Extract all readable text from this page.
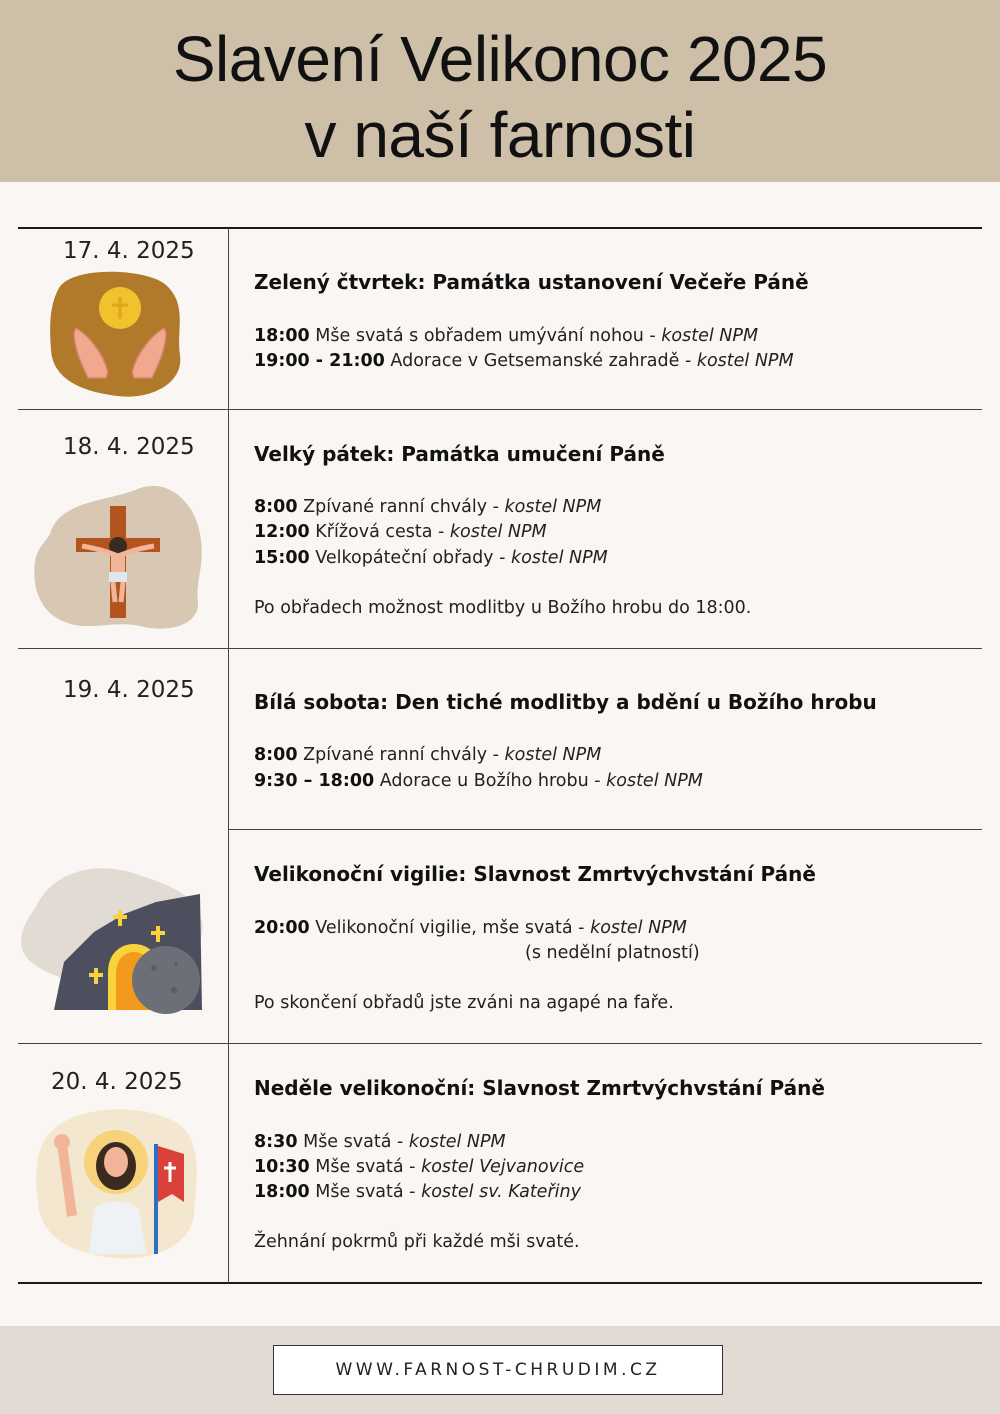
Slavení Velikonoc 2025
v naší farnosti
17. 4. 2025
Zelený čtvrtek: Památka ustanovení Večeře Páně
18:00 Mše svatá s obřadem umývání nohou - kostel NPM
19:00 - 21:00 Adorace v Getsemanské zahradě - kostel NPM
18. 4. 2025	Velký pátek: Památka umučení Páně
8:00 Zpívané ranní chvály - kostel NPM
12:00 Křížová cesta - kostel NPM
15:00 Velkopáteční obřady - kostel NPM
Po obřadech možnost modlitby u Božího hrobu do 18:00.
19. 4. 2025	Bílá sobota: Den tiché modlitby a bdění u Božího hrobu
8:00 Zpívané ranní chvály - kostel NPM
9:30 – 18:00 Adorace u Božího hrobu - kostel NPM
Velikonoční vigilie: Slavnost Zmrtvýchvstání Páně
20:00 Velikonoční vigilie, mše svatá - kostel NPM
(s nedělní platností)
Po skončení obřadů jste zváni na agapé na faře.
20. 4. 2025	Neděle velikonoční: Slavnost Zmrtvýchvstání Páně
8:30 Mše svatá - kostel NPM
10:30 Mše svatá - kostel Vejvanovice
18:00 Mše svatá - kostel sv. Kateřiny
Žehnání pokrmů při každé mši svaté.
WWW.FARNOST-CHRUDIM.CZ
